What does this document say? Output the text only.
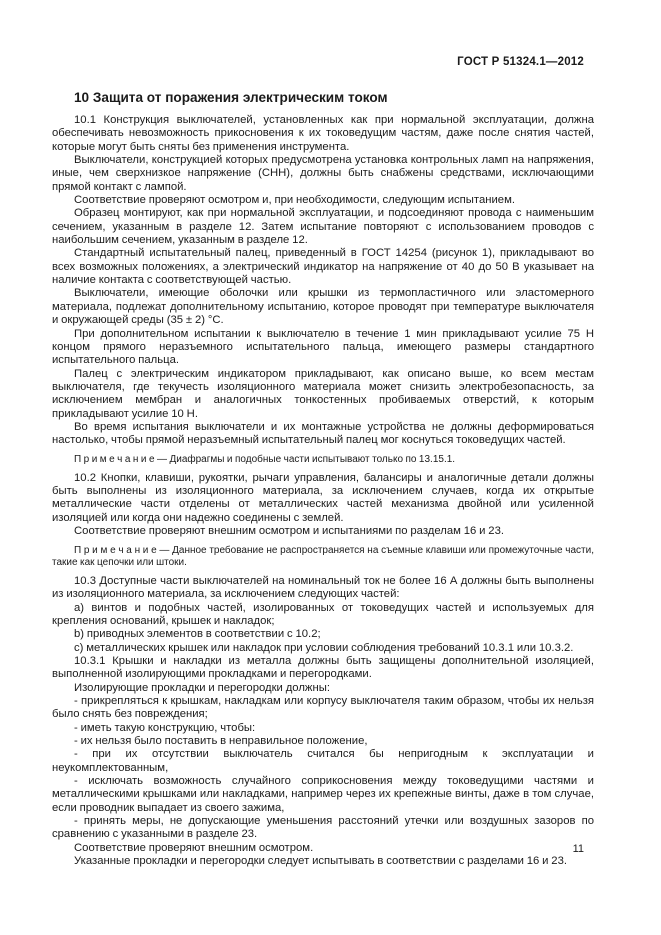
ГОСТ Р 51324.1—2012
10 Защита от поражения электрическим током

10.1 Конструкция выключателей, установленных как при нормальной эксплуатации, должна обеспечивать невозможность прикосновения к их токоведущим частям, даже после снятия частей, которые могут быть сняты без применения инструмента.

Выключатели, конструкцией которых предусмотрена установка контрольных ламп на напряжения, иные, чем сверхнизкое напряжение (СНН), должны быть снабжены средствами, исключающими прямой контакт с лампой.

Соответствие проверяют осмотром и, при необходимости, следующим испытанием.

Образец монтируют, как при нормальной эксплуатации, и подсоединяют провода с наименьшим сечением, указанным в разделе 12. Затем испытание повторяют с использованием проводов с наибольшим сечением, указанным в разделе 12.

Стандартный испытательный палец, приведенный в ГОСТ 14254 (рисунок 1), прикладывают во всех возможных положениях, а электрический индикатор на напряжение от 40 до 50 В указывает на наличие контакта с соответствующей частью.

Выключатели, имеющие оболочки или крышки из термопластичного или эластомерного материала, подлежат дополнительному испытанию, которое проводят при температуре выключателя и окружающей среды (35 ± 2) °С.

При дополнительном испытании к выключателю в течение 1 мин прикладывают усилие 75 Н концом прямого неразъемного испытательного пальца, имеющего размеры стандартного испытательного пальца.

Палец с электрическим индикатором прикладывают, как описано выше, ко всем местам выключателя, где текучесть изоляционного материала может снизить электробезопасность, за исключением мембран и аналогичных тонкостенных пробиваемых отверстий, к которым прикладывают усилие 10 Н.

Во время испытания выключатели и их монтажные устройства не должны деформироваться настолько, чтобы прямой неразъемный испытательный палец мог коснуться токоведущих частей.

П р и м е ч а н и е — Диафрагмы и подобные части испытывают только по 13.15.1.

10.2 Кнопки, клавиши, рукоятки, рычаги управления, балансиры и аналогичные детали должны быть выполнены из изоляционного материала, за исключением случаев, когда их открытые металлические части отделены от металлических частей механизма двойной или усиленной изоляцией или когда они надежно соединены с землей.

Соответствие проверяют внешним осмотром и испытаниями по разделам 16 и 23.

П р и м е ч а н и е — Данное требование не распространяется на съемные клавиши или промежуточные части, такие как цепочки или штоки.

10.3 Доступные части выключателей на номинальный ток не более 16 А должны быть выполнены из изоляционного материала, за исключением следующих частей:

а) винтов и подобных частей, изолированных от токоведущих частей и используемых для крепления оснований, крышек и накладок;

b) приводных элементов в соответствии с 10.2;

с) металлических крышек или накладок при условии соблюдения требований 10.3.1 или 10.3.2.

10.3.1 Крышки и накладки из металла должны быть защищены дополнительной изоляцией, выполненной изолирующими прокладками и перегородками.

Изолирующие прокладки и перегородки должны:

- прикрепляться к крышкам, накладкам или корпусу выключателя таким образом, чтобы их нельзя было снять без повреждения;

- иметь такую конструкцию, чтобы:

- их нельзя было поставить в неправильное положение,

- при их отсутствии выключатель считался бы непригодным к эксплуатации и неукомплектованным,

- исключать возможность случайного соприкосновения между токоведущими частями и металлическими крышками или накладками, например через их крепежные винты, даже в том случае, если проводник выпадает из своего зажима,

- принять меры, не допускающие уменьшения расстояний утечки или воздушных зазоров по сравнению с указанными в разделе 23.

Соответствие проверяют внешним осмотром.

Указанные прокладки и перегородки следует испытывать в соответствии с разделами 16 и 23.

11
